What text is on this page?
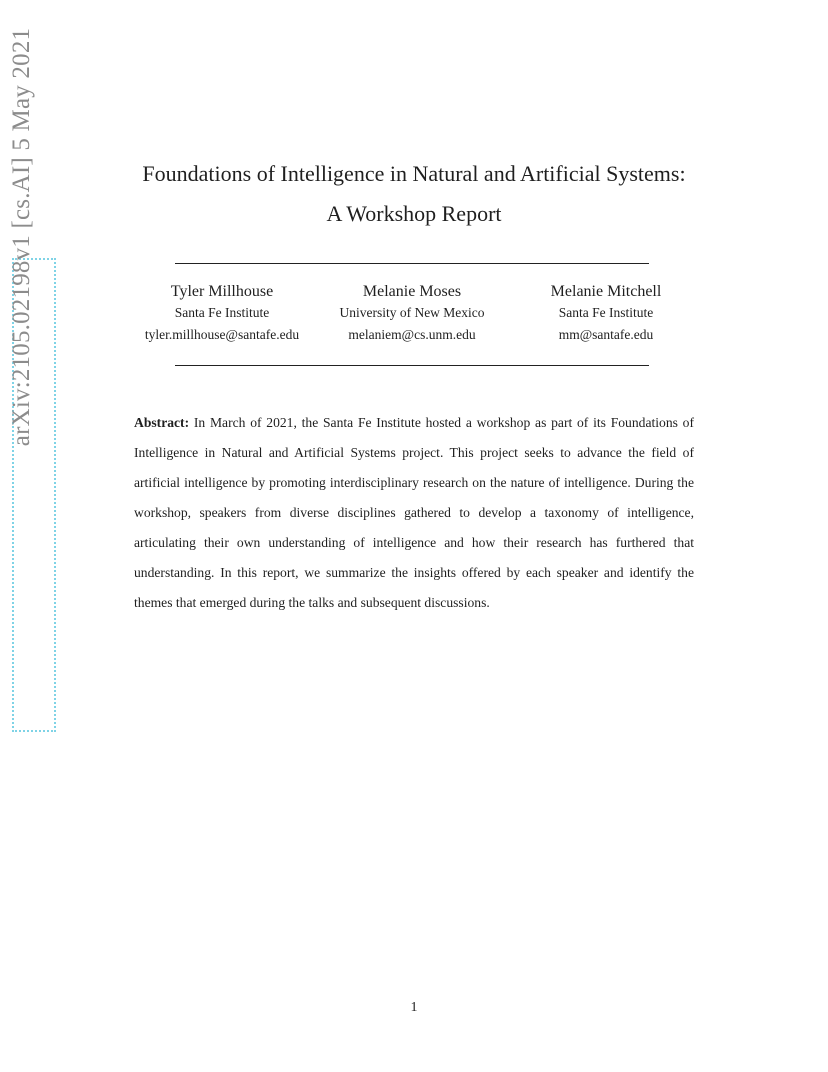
arXiv:2105.02198v1 [cs.AI] 5 May 2021	Foundations of Intelligence in Natural and Artificial Systems:
A Workshop Report
Tyler Millhouse
Santa Fe Institute
tyler.millhouse@santafe.edu
Melanie Moses
University of New Mexico
melaniem@cs.unm.edu
Melanie Mitchell
Santa Fe Institute
mm@santafe.edu
Abstract: In March of 2021, the Santa Fe Institute hosted a workshop as part of its Foundations of Intelligence in Natural and Artificial Systems project. This project seeks to advance the field of artificial intelligence by promoting interdisciplinary research on the nature of intelligence. During the workshop, speakers from diverse disciplines gathered to develop a taxonomy of intelligence, articulating their own understanding of intelligence and how their research has furthered that understanding. In this report, we summarize the insights offered by each speaker and identify the themes that emerged during the talks and subsequent discussions.
1
